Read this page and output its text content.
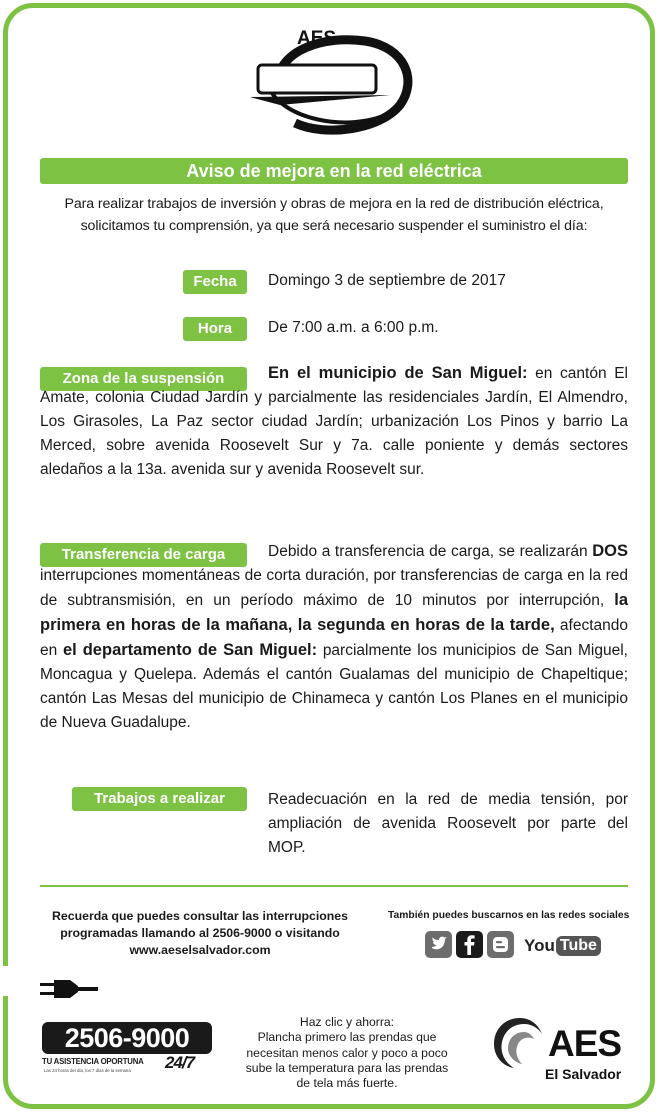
AES
Aviso de mejora en la red eléctrica
Para realizar trabajos de inversión y obras de mejora en la red de distribución eléctrica,
solicitamos tu comprensión, ya que será necesario suspender el suministro el día:
Fecha	Domingo 3 de septiembre de 2017
Hora	De 7:00 a.m. a 6:00 p.m.
Zona de la suspensión	En el municipio de San Miguel: en cantón El Amate, colonia Ciudad Jardín y parcialmente las residenciales Jardín, El Almendro, Los Girasoles, La Paz sector ciudad Jardín; urbanización Los Pinos y barrio La Merced, sobre avenida Roosevelt Sur y 7a. calle poniente y demás sectores aledaños a la 13a. avenida sur y avenida Roosevelt sur.
Transferencia de carga	Debido a transferencia de carga, se realizarán DOS interrupciones momentáneas de corta duración, por transferencias de carga en la red de subtransmisión, en un período máximo de 10 minutos por interrupción, la primera en horas de la mañana, la segunda en horas de la tarde, afectando en el departamento de San Miguel: parcialmente los municipios de San Miguel, Moncagua y Quelepa. Además el cantón Gualamas del municipio de Chapeltique; cantón Las Mesas del municipio de Chinameca y cantón Los Planes en el municipio de Nueva Guadalupe.
Trabajos a realizar	Readecuación en la red de media tensión, por ampliación de avenida Roosevelt por parte del MOP.
Recuerda que puedes consultar las interrupciones
programadas llamando al 2506-9000 o visitando
www.aeselsalvador.com
También puedes buscarnos en las redes sociales
You Tube
2506-9000
TU ASISTENCIA OPORTUNA
Las 24 horas del día, los 7 días de la semana 24/7
Haz clic y ahorra:
Plancha primero las prendas que
necesitan menos calor y poco a poco
sube la temperatura para las prendas
de tela más fuerte.
AES
El Salvador
